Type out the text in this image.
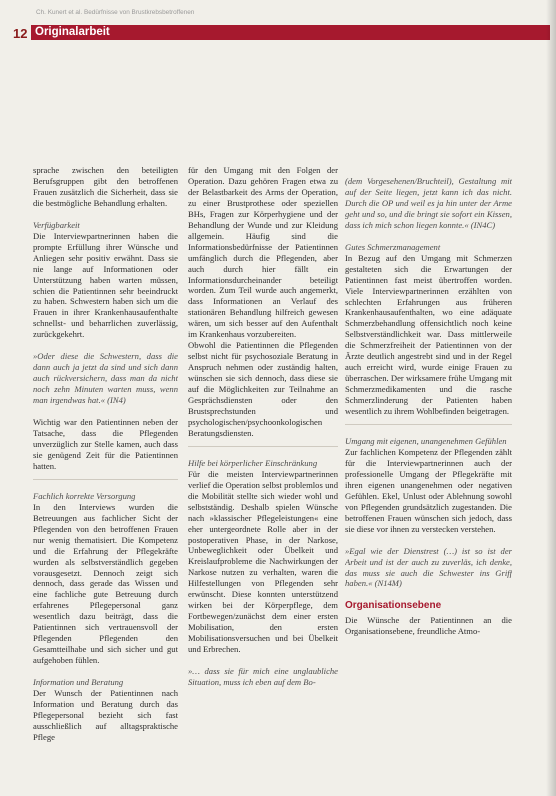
Ch. Kunert et al. Bedürfnisse von Brustkrebsbetroffenen
12 Originalarbeit

sprache zwischen den beteiligten Berufsgruppen gibt den betroffenen Frauen zusätzlich die Sicherheit, dass sie die bestmögliche Behandlung erhalten.

Verfügbarkeit

Die Interviewpartnerinnen haben die prompte Erfüllung ihrer Wünsche und Anliegen sehr positiv erwähnt. Dass sie nie lange auf Informationen oder Unterstützung haben warten müssen, schien die Patientinnen sehr beeindruckt zu haben. Schwestern haben sich um die Frauen in ihrer Krankenhausaufenthalte schnellst- und beharrlichen zuverlässig, zurückgekehrt.

»Oder diese die Schwestern, dass die dann auch ja jetzt da sind und sich dann auch rückversichern, dass man da nicht noch zehn Minuten warten muss, wenn man irgendwas hat.« (IN4)

Wichtig war den Patientinnen neben der Tatsache, dass die Pflegenden unverzüglich zur Stelle kamen, auch dass sie genügend Zeit für die Patientinnen hatten.

Fachlich korrekte Versorgung

In den Interviews wurden die Betreuungen aus fachlicher Sicht der Pflegenden von den betroffenen Frauen nur wenig thematisiert. Die Kompetenz und die Erfahrung der Pflegekräfte wurden als selbstverständlich gegeben vorausgesetzt. Dennoch zeigt sich dennoch, dass gerade das Wissen und eine fachliche gute Betreuung durch erfahrenes Pflegepersonal ganz wesentlich dazu beiträgt, dass die Patientinnen sich vertrauensvoll der Pflegenden Pflegenden den Gesamtteilhabe und sich sicher und gut aufgehoben fühlen.

Information und Beratung

Der Wunsch der Patientinnen nach Information und Beratung durch das Pflegepersonal bezieht sich fast ausschließlich auf alltagspraktische Pflege

für den Umgang mit den Folgen der Operation. Dazu gehören Fragen etwa zu der Belastbarkeit des Arms der Operation, zu einer Brustprothese oder speziellen BHs, Fragen zur Körperhygiene und der Behandlung der Wunde und zur Kleidung allgemein. Häufig sind die Informationsbedürfnisse der Patientinnen umfänglich durch die Pflegenden, aber auch durch hier fällt ein Informationsdurcheinander beteiligt worden. Zum Teil wurde auch angemerkt, dass Informationen an Verlauf des stationären Behandlung hilfreich gewesen wären, um sich besser auf den Aufenthalt im Krankenhaus vorzubereiten.

Obwohl die Patientinnen die Pflegenden selbst nicht für psychosoziale Beratung in Anspruch nehmen oder zuständig halten, wünschen sie sich dennoch, dass diese sie auf die Möglichkeiten zur Teilnahme an Gesprächsdiensten oder den Brustsprechstunden und psychologischen/psychoonkologischen Beratungsdiensten.

Hilfe bei körperlicher Einschränkung

Für die meisten Interviewpartnerinnen verlief die Operation selbst problemlos und die Mobilität stellte sich wieder wohl und selbstständig. Deshalb spielen Wünsche nach »klassischer Pflegeleistungen« eine eher untergeordnete Rolle aber in der postoperativen Phase, in der Narkose, Unbeweglichkeit oder Übelkeit und Kreislaufprobleme die Nachwirkungen der Narkose nutzen zu verhalten, waren die Hilfestellungen von Pflegenden sehr erwünscht. Diese konnten unterstützend wirken bei der Körperpflege, dem Fortbewegen/zunächst dem einer ersten Mobilisation, den ersten Mobilisationsversuchen und bei Übelkeit und Erbrechen.

»… dass sie für mich eine unglaubliche Situation, muss ich eben auf dem Bo-

(dem Vorgesehenen/Bruchteil), Gestaltung mit auf der Seite liegen, jetzt kann ich das nicht. Durch die OP und weil es ja hin unter der Arme geht und so, und die bringt sie sofort ein Kissen, dass ich mich schon liegen konnte.« (IN4C)

Gutes Schmerzmanagement

In Bezug auf den Umgang mit Schmerzen gestalteten sich die Erwartungen der Patientinnen fast meist übertroffen worden. Viele Interviewpartnerinnen erzählten von schlechten Erfahrungen aus früheren Krankenhausaufenthalten, wo eine adäquate Schmerzbehandlung offensichtlich noch keine Selbstverständlichkeit war. Dass mittlerweile die Schmerzfreiheit der Patientinnen von der Ärzte deutlich angestrebt sind und in der Regel auch erreicht wird, wurde einige Frauen zu überraschen. Der wirksamere frühe Umgang mit Schmerzmedikamenten und die rasche Schmerzlinderung der Patienten haben wesentlich zu ihrem Wohlbefinden beigetragen.

Umgang mit eigenen, unangenehmen Gefühlen

Zur fachlichen Kompetenz der Pflegenden zählt für die Interviewpartnerinnen auch der professionelle Umgang der Pflegekräfte mit ihren eigenen unangenehmen oder negativen Gefühlen. Ekel, Unlust oder Ablehnung sowohl von Pflegenden grundsätzlich zugestanden. Die betroffenen Frauen wünschen sich jedoch, dass sie diese vor ihnen zu verstecken verstehen.

»Egal wie der Dienstrest (…) ist so ist der Arbeit und ist der auch zu zuverläs, ich denke, das muss sie auch die Schwester ins Griff haben.« (N14M)

Organisationsebene

Die Wünsche der Patientinnen an die Organisationsebene, freundliche Atmo-
